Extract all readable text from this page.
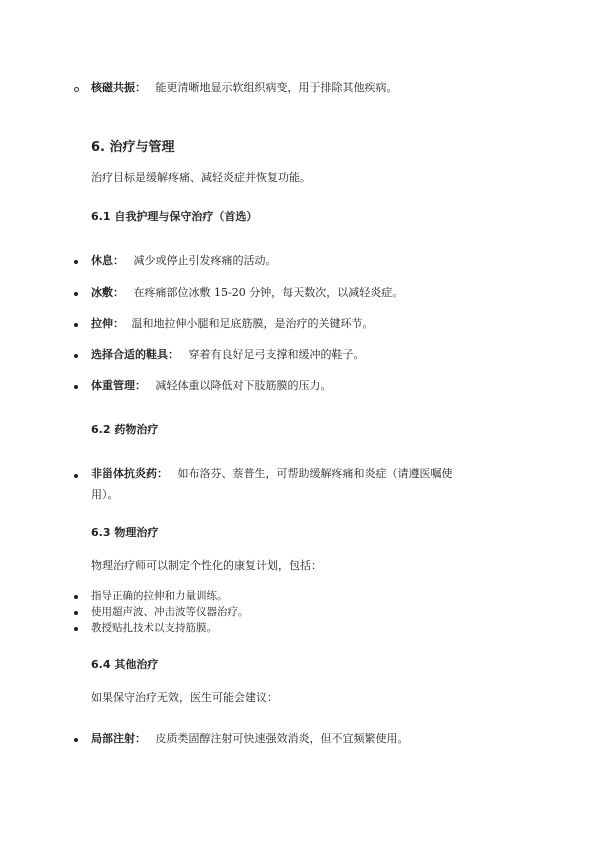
核磁共振： 能更清晰地显示软组织病变，用于排除其他疾病。
6. 治疗与管理
治疗目标是缓解疼痛、减轻炎症并恢复功能。
6.1 自我护理与保守治疗（首选）
休息： 减少或停止引发疼痛的活动。
冰敷： 在疼痛部位冰敷 15-20 分钟，每天数次，以减轻炎症。
拉伸： 温和地拉伸小腿和足底筋膜，是治疗的关键环节。
选择合适的鞋具： 穿着有良好足弓支撑和缓冲的鞋子。
体重管理： 减轻体重以降低对下肢筋膜的压力。
6.2 药物治疗
非甾体抗炎药： 如布洛芬、萘普生，可帮助缓解疼痛和炎症（请遵医嘱使
用）。
6.3 物理治疗
物理治疗师可以制定个性化的康复计划，包括：
指导正确的拉伸和力量训练。
使用超声波、冲击波等仪器治疗。
教授贴扎技术以支持筋膜。
6.4 其他治疗
如果保守治疗无效，医生可能会建议：
局部注射： 皮质类固醇注射可快速强效消炎，但不宜频繁使用。
